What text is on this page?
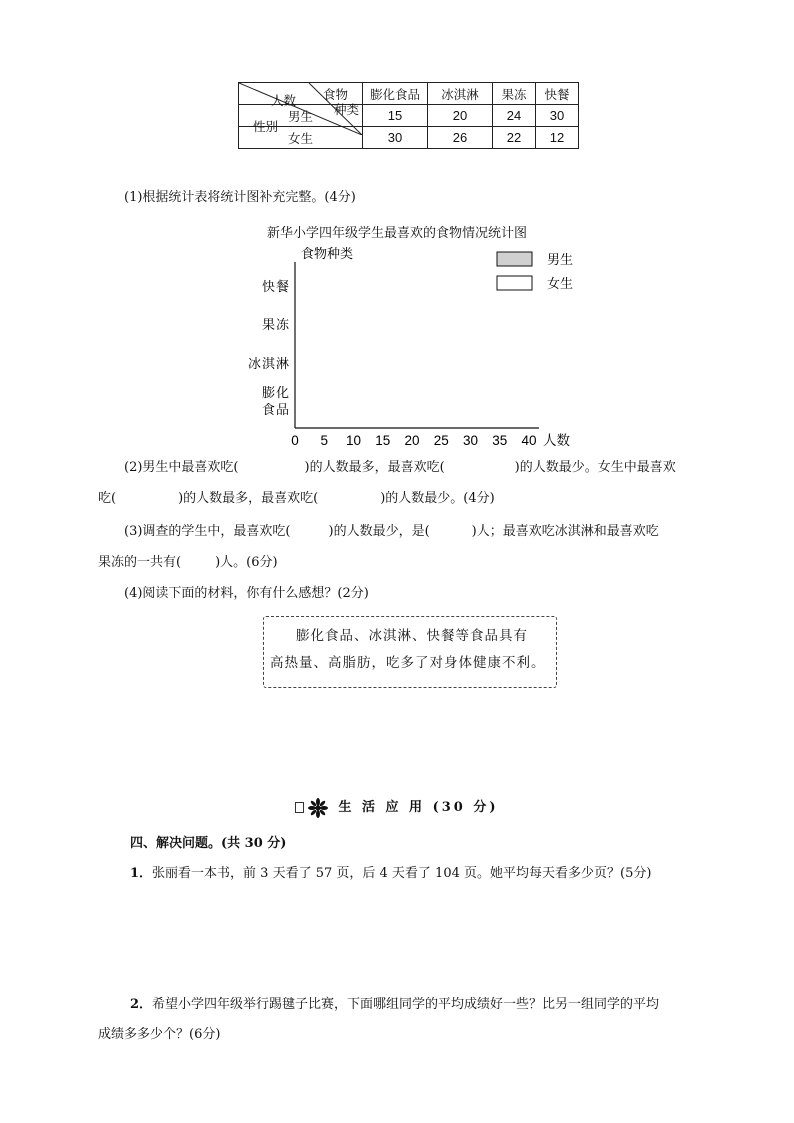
食物
种类
人数
性别	膨化食品	冰淇淋	果冻	快餐
男生	15	20	24	30
女生	30	26	22	12
(1)根据统计表将统计图补充完整。(4分)
新华小学四年级学生最喜欢的食物情况统计图
食物种类
0 5 10 15 20 25 30 35 40 人数
膨化
食品
冰淇淋
果冻
快餐
男生
女生
(2)男生中最喜欢吃(	)的人数最多，最喜欢吃(	)的人数最少。女生中最喜欢
吃(	)的人数最多，最喜欢吃(	)的人数最少。(4分)
(3)调查的学生中，最喜欢吃(	)的人数最少，是(	)人；最喜欢吃冰淇淋和最喜欢吃
果冻的一共有(	)人。(6分)
(4)阅读下面的材料，你有什么感想？(2分)

膨化食品、冰淇淋、快餐等食品具有

高热量、高脂肪，吃多了对身体健康不利。

生 活 应 用 (30 分)
四、解决问题。(共 30 分)
1．张丽看一本书，前 3 天看了 57 页，后 4 天看了 104 页。她平均每天看多少页？(5分)
2．希望小学四年级举行踢毽子比赛，下面哪组同学的平均成绩好一些？比另一组同学的平均
成绩多多少个？(6分)
